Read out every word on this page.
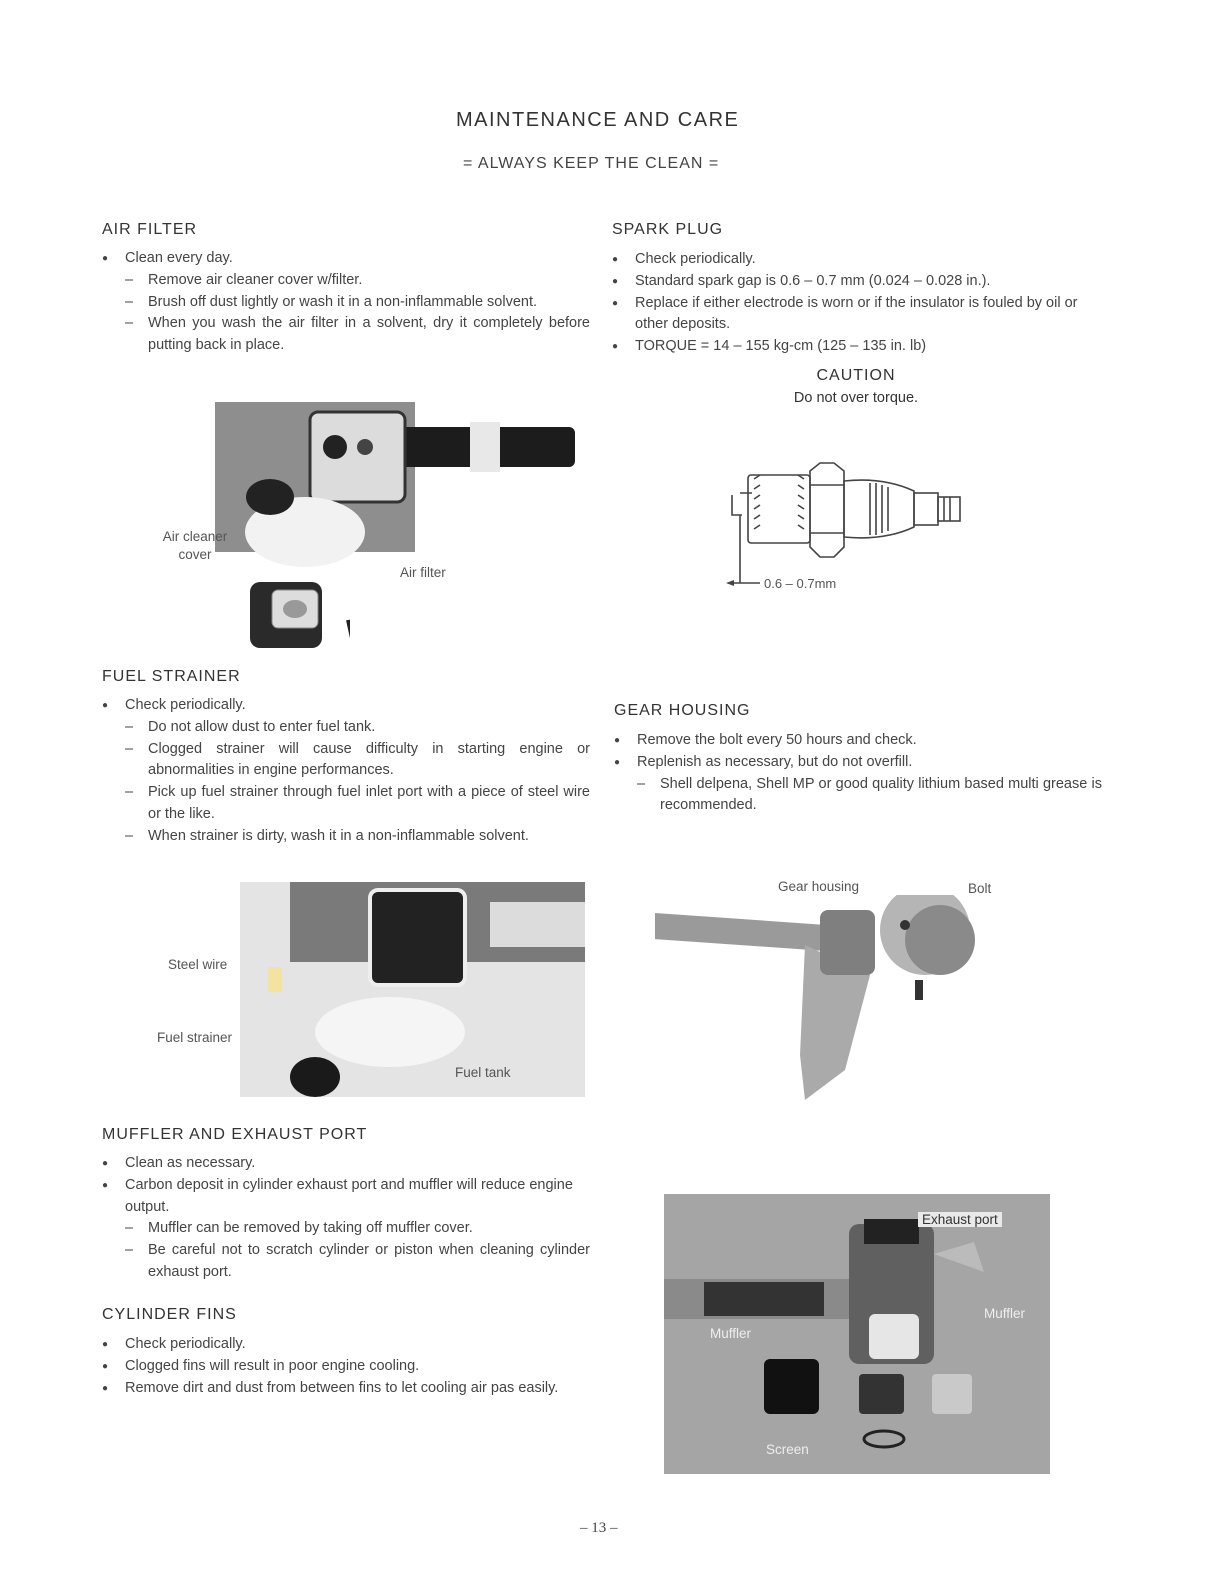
MAINTENANCE AND CARE
= ALWAYS KEEP THE CLEAN =
AIR FILTER
● Clean every day.
– Remove air cleaner cover w/filter.
– Brush off dust lightly or wash it in a non-inflammable solvent.
– When you wash the air filter in a solvent, dry it completely before putting back in place.
Air cleaner cover
Air filter
FUEL STRAINER
● Check periodically.
– Do not allow dust to enter fuel tank.
– Clogged strainer will cause difficulty in starting engine or abnormalities in engine performances.
– Pick up fuel strainer through fuel inlet port with a piece of steel wire or the like.
– When strainer is dirty, wash it in a non-inflammable solvent.
Steel wire
Fuel strainer
Fuel tank
MUFFLER AND EXHAUST PORT
● Clean as necessary.
● Carbon deposit in cylinder exhaust port and muffler will reduce engine output.
– Muffler can be removed by taking off muffler cover.
– Be careful not to scratch cylinder or piston when cleaning cylinder exhaust port.
CYLINDER FINS
● Check periodically.
● Clogged fins will result in poor engine cooling.
● Remove dirt and dust from between fins to let cooling air pas easily.
SPARK PLUG
● Check periodically.
● Standard spark gap is 0.6 – 0.7 mm (0.024 – 0.028 in.).
● Replace if either electrode is worn or if the insulator is fouled by oil or other deposits.
● TORQUE = 14 – 155 kg-cm (125 – 135 in. lb)
CAUTION
Do not over torque.
0.6 – 0.7mm
GEAR HOUSING
● Remove the bolt every 50 hours and check.
● Replenish as necessary, but do not overfill.
– Shell delpena, Shell MP or good quality lithium based multi grease is recommended.
Gear housing	Bolt
Exhaust port
Muffler
Muffler
Screen
– 13 –
